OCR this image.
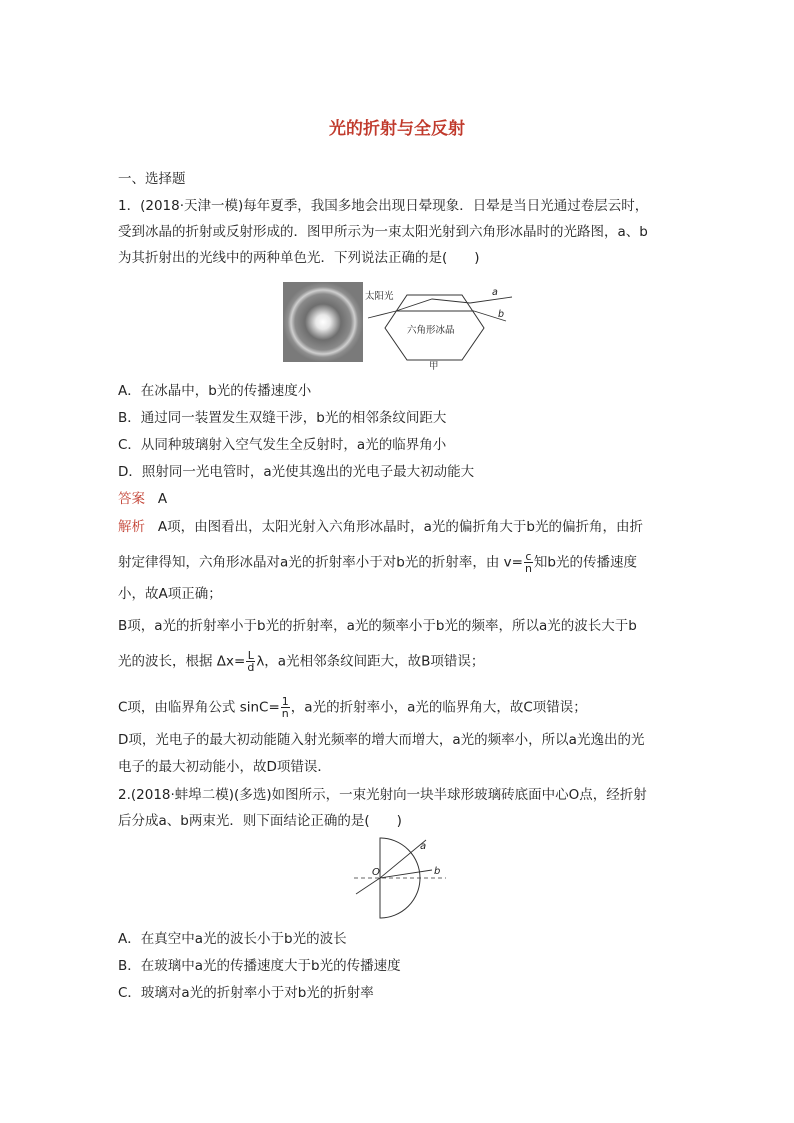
光的折射与全反射
一、选择题
1．(2018·天津一模)每年夏季，我国多地会出现日晕现象．日晕是当日光通过卷层云时，
受到冰晶的折射或反射形成的．图甲所示为一束太阳光射到六角形冰晶时的光路图，a、b
为其折射出的光线中的两种单色光．下列说法正确的是(　　)
太阳光
六角形冰晶
a
b
甲
A．在冰晶中，b光的传播速度小
B．通过同一装置发生双缝干涉，b光的相邻条纹间距大
C．从同种玻璃射入空气发生全反射时，a光的临界角小
D．照射同一光电管时，a光使其逸出的光电子最大初动能大
答案 A
解析 A项，由图看出，太阳光射入六角形冰晶时，a光的偏折角大于b光的偏折角，由折
射定律得知，六角形冰晶对a光的折射率小于对b光的折射率，由 $v= \frac{c}{n}$ 知b光的传播速度
小，故A项正确；
B项，a光的折射率小于b光的折射率，a光的频率小于b光的频率，所以a光的波长大于b
光的波长，根据 $\Delta x= \frac{L}{d}$ λ，a光相邻条纹间距大，故B项错误；
C项，由临界角公式 $\sin C= \frac{1}{n}$ ，a光的折射率小，a光的临界角大，故C项错误；
D项，光电子的最大初动能随入射光频率的增大而增大，a光的频率小，所以a光逸出的光
电子的最大初动能小，故D项错误．
2.(2018·蚌埠二模)(多选)如图所示，一束光射向一块半球形玻璃砖底面中心O点，经折射
后分成a、b两束光．则下面结论正确的是(　　)
O
a
b
A．在真空中a光的波长小于b光的波长
B．在玻璃中a光的传播速度大于b光的传播速度
C．玻璃对a光的折射率小于对b光的折射率
